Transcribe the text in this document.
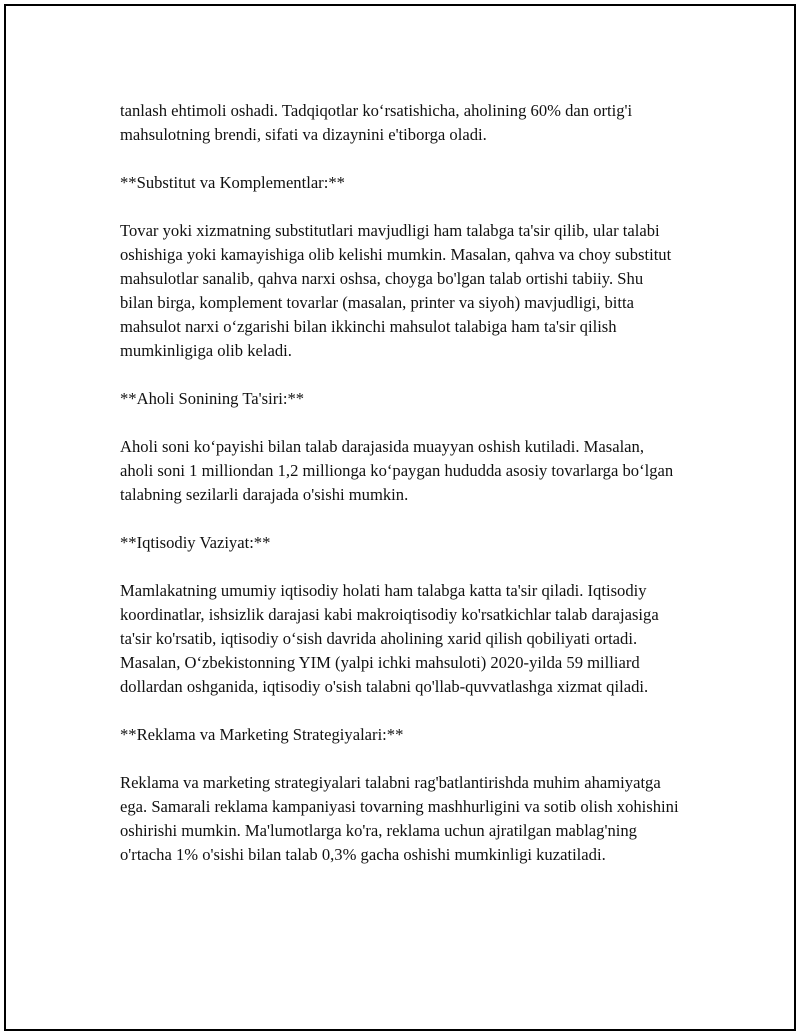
tanlash ehtimoli oshadi. Tadqiqotlar ko‘rsatishicha, aholining 60% dan ortig'i mahsulotning brendi, sifati va dizaynini e'tiborga oladi.

**Substitut va Komplementlar:**

Tovar yoki xizmatning substitutlari mavjudligi ham talabga ta'sir qilib, ular talabi oshishiga yoki kamayishiga olib kelishi mumkin. Masalan, qahva va choy substitut mahsulotlar sanalib, qahva narxi oshsa, choyga bo'lgan talab ortishi tabiiy. Shu bilan birga, komplement tovarlar (masalan, printer va siyoh) mavjudligi, bitta mahsulot narxi o‘zgarishi bilan ikkinchi mahsulot talabiga ham ta'sir qilish mumkinligiga olib keladi.

**Aholi Sonining Ta'siri:**

Aholi soni ko‘payishi bilan talab darajasida muayyan oshish kutiladi. Masalan, aholi soni 1 milliondan 1,2 millionga ko‘paygan hududda asosiy tovarlarga bo‘lgan talabning sezilarli darajada o'sishi mumkin.

**Iqtisodiy Vaziyat:**

Mamlakatning umumiy iqtisodiy holati ham talabga katta ta'sir qiladi. Iqtisodiy koordinatlar, ishsizlik darajasi kabi makroiqtisodiy ko'rsatkichlar talab darajasiga ta'sir ko'rsatib, iqtisodiy o‘sish davrida aholining xarid qilish qobiliyati ortadi. Masalan, O‘zbekistonning YIM (yalpi ichki mahsuloti) 2020-yilda 59 milliard dollardan oshganida, iqtisodiy o'sish talabni qo'llab-quvvatlashga xizmat qiladi.

**Reklama va Marketing Strategiyalari:**

Reklama va marketing strategiyalari talabni rag'batlantirishda muhim ahamiyatga ega. Samarali reklama kampaniyasi tovarning mashhurligini va sotib olish xohishini oshirishi mumkin. Ma'lumotlarga ko'ra, reklama uchun ajratilgan mablag'ning o'rtacha 1% o'sishi bilan talab 0,3% gacha oshishi mumkinligi kuzatiladi.
